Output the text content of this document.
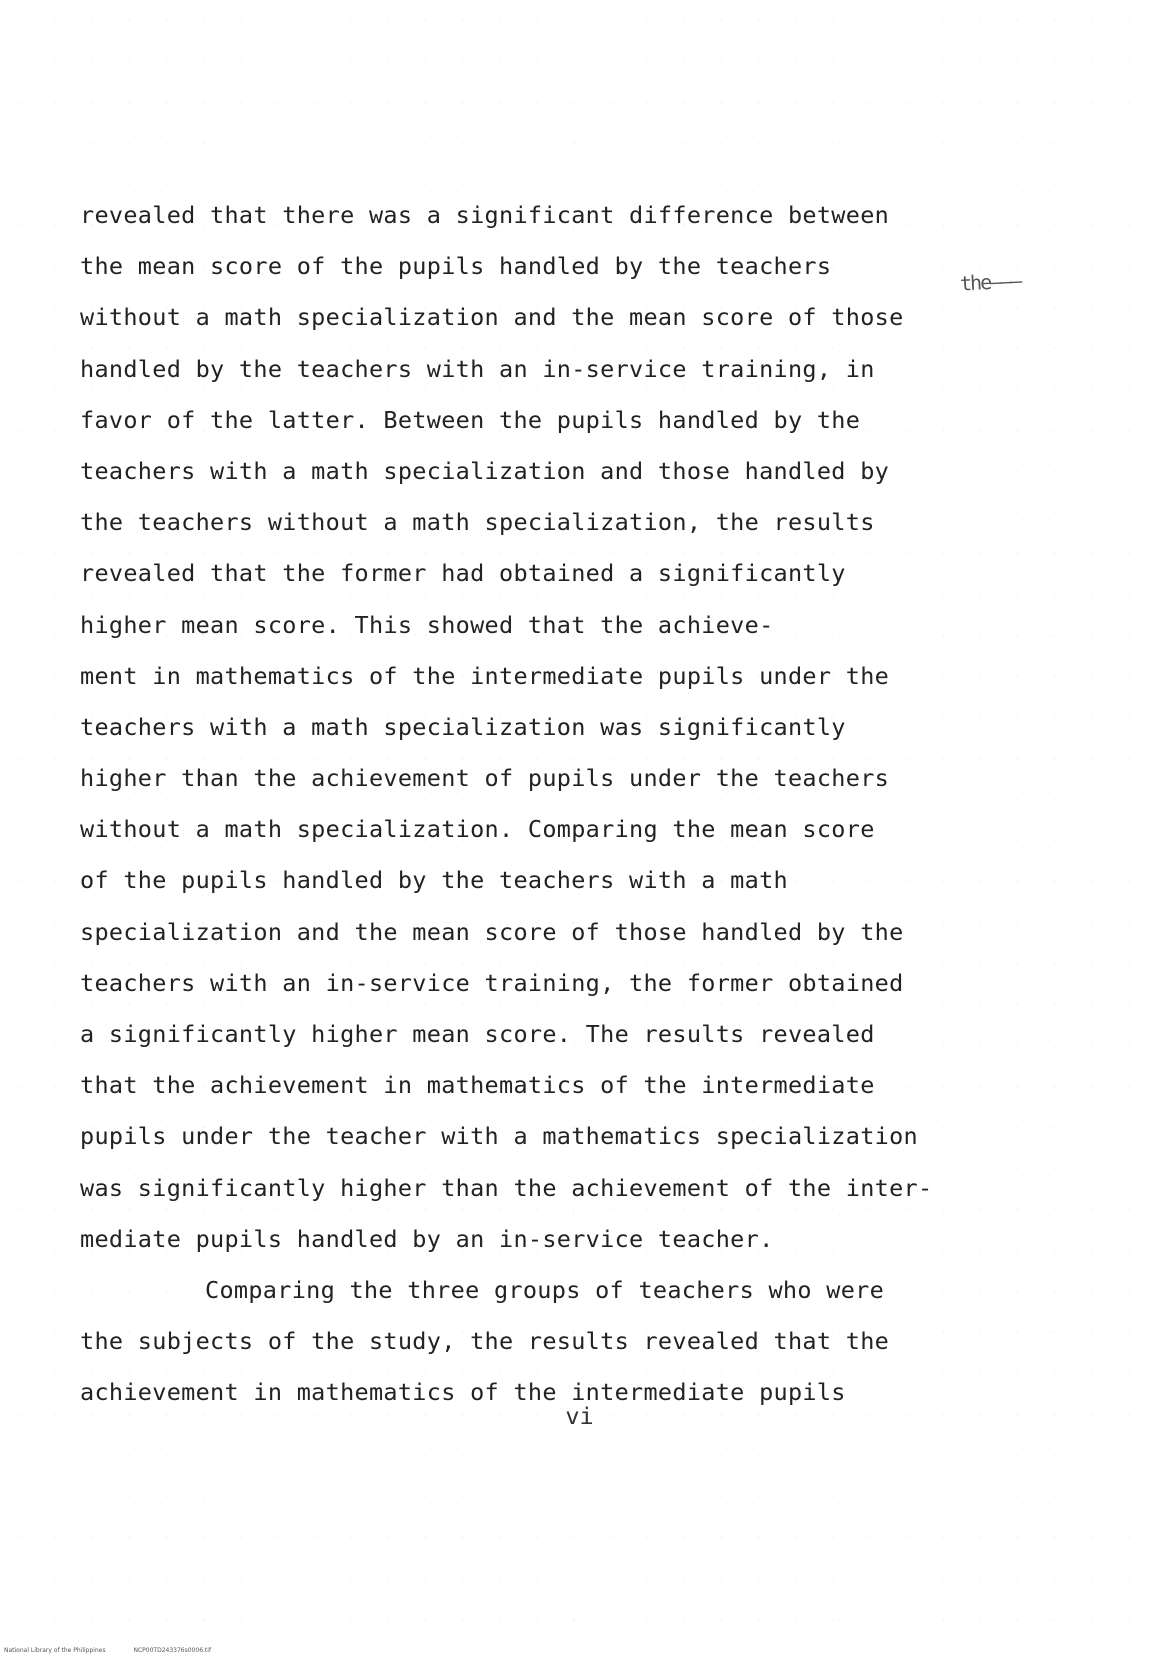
revealed that there was a significant difference between
the mean score of the pupils handled by the teachers
without a math specialization and the mean score of those
handled by the teachers with an in-service training, in
favor of the latter. Between the pupils handled by the
teachers with a math specialization and those handled by
the teachers without a math specialization, the results
revealed that the former had obtained a significantly
higher mean score. This showed that the achieve-
ment in mathematics of the intermediate pupils under the
teachers with a math specialization was significantly
higher than the achievement of pupils under the teachers
without a math specialization. Comparing the mean score
of the pupils handled by the teachers with a math
specialization and the mean score of those handled by the
teachers with an in-service training, the former obtained
a significantly higher mean score. The results revealed
that the achievement in mathematics of the intermediate
pupils under the teacher with a mathematics specialization
was significantly higher than the achievement of the inter-
mediate pupils handled by an in-service teacher.
Comparing the three groups of teachers who were
the subjects of the study, the results revealed that the
achievement in mathematics of the intermediate pupils
the———
vi
National Library of the Philippines	NCP00TD243376s0006.tif
